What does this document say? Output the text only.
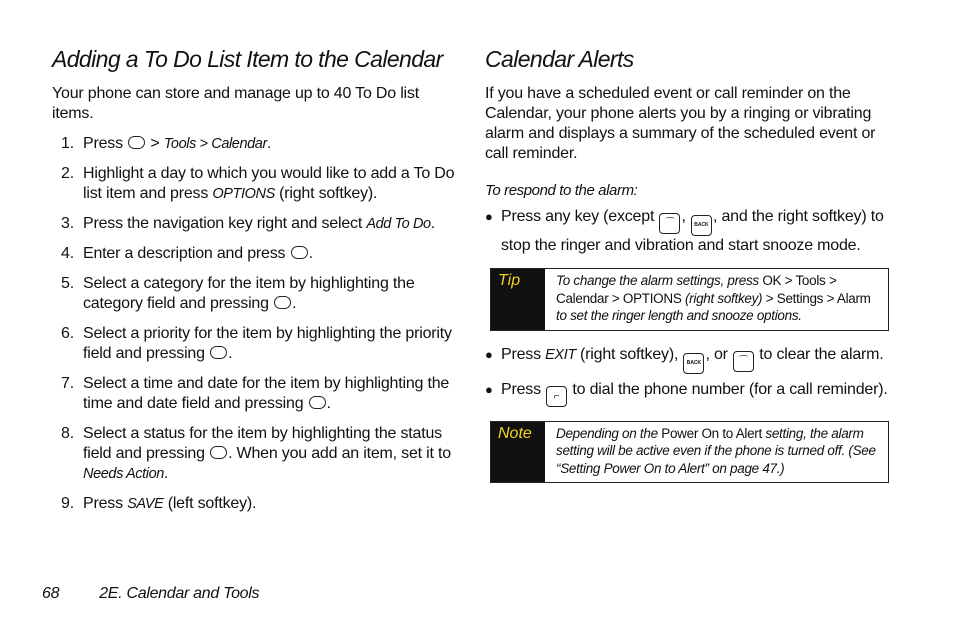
Adding a To Do List Item to the Calendar

Your phone can store and manage up to 40 To Do list items.

1. Press  > Tools > Calendar.
2. Highlight a day to which you would like to add a To Do list item and press OPTIONS (right softkey).
3. Press the navigation key right and select Add To Do.
4. Enter a description and press .
5. Select a category for the item by highlighting the category field and pressing .
6. Select a priority for the item by highlighting the priority field and pressing .
7. Select a time and date for the item by highlighting the time and date field and pressing .
8. Select a status for the item by highlighting the status field and pressing . When you add an item, set it to Needs Action.
9. Press SAVE (left softkey).
Calendar Alerts

If you have a scheduled event or call reminder on the Calendar, your phone alerts you by a ringing or vibrating alarm and displays a summary of the scheduled event or call reminder.

To respond to the alarm:
● Press any key (except ⌒ , BACK , and the right softkey) to stop the ringer and vibration and start snooze mode.
Tip	To change the alarm settings, press OK > Tools > Calendar > OPTIONS (right softkey) > Settings > Alarm to set the ringer length and snooze options.
● Press EXIT (right softkey), BACK , or ⌒ to clear the alarm.
● Press ⌐ to dial the phone number (for a call reminder).
Note	Depending on the Power On to Alert setting, the alarm setting will be active even if the phone is turned off. (See “Setting Power On to Alert” on page 47.)
68	2E. Calendar and Tools
